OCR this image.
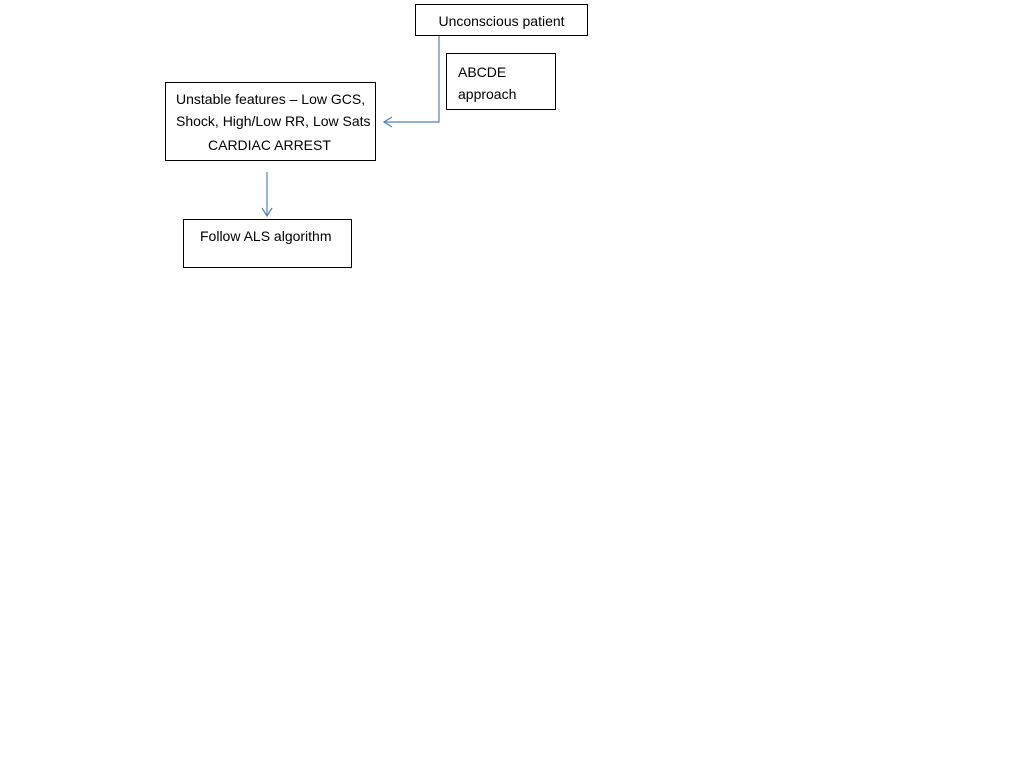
Unconscious patient
ABCDE
approach
Unstable features – Low GCS,
Shock, High/Low RR, Low Sats
CARDIAC ARREST
Follow ALS algorithm
